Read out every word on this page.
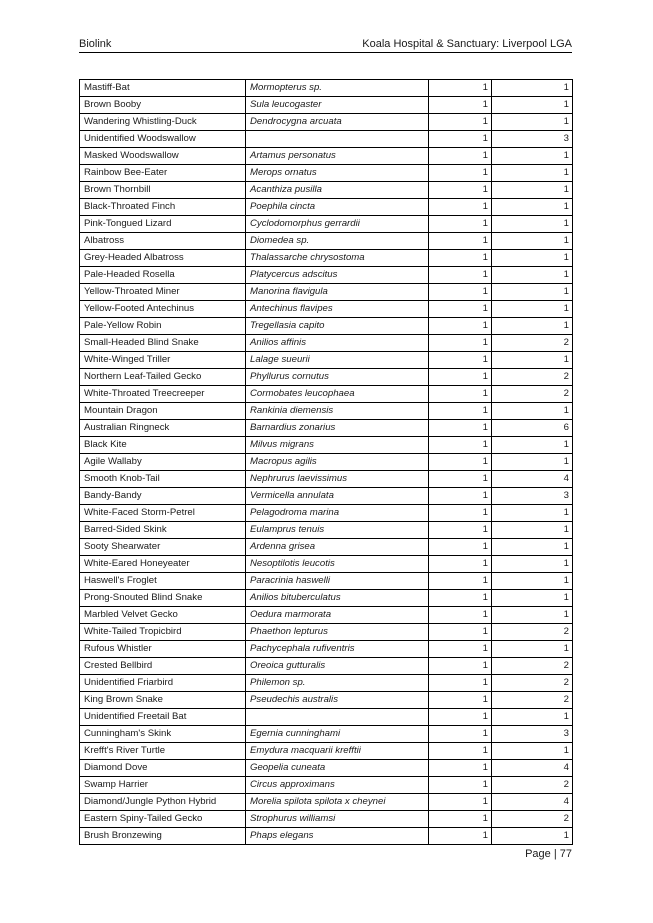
Biolink	Koala Hospital & Sanctuary: Liverpool LGA
Mastiff-Bat	Mormopterus sp.	1	1
Brown Booby	Sula leucogaster	1	1
Wandering Whistling-Duck	Dendrocygna arcuata	1	1
Unidentified Woodswallow		1	3
Masked Woodswallow	Artamus personatus	1	1
Rainbow Bee-Eater	Merops ornatus	1	1
Brown Thornbill	Acanthiza pusilla	1	1
Black-Throated Finch	Poephila cincta	1	1
Pink-Tongued Lizard	Cyclodomorphus gerrardii	1	1
Albatross	Diomedea sp.	1	1
Grey-Headed Albatross	Thalassarche chrysostoma	1	1
Pale-Headed Rosella	Platycercus adscitus	1	1
Yellow-Throated Miner	Manorina flavigula	1	1
Yellow-Footed Antechinus	Antechinus flavipes	1	1
Pale-Yellow Robin	Tregellasia capito	1	1
Small-Headed Blind Snake	Anilios affinis	1	2
White-Winged Triller	Lalage sueurii	1	1
Northern Leaf-Tailed Gecko	Phyllurus cornutus	1	2
White-Throated Treecreeper	Cormobates leucophaea	1	2
Mountain Dragon	Rankinia diemensis	1	1
Australian Ringneck	Barnardius zonarius	1	6
Black Kite	Milvus migrans	1	1
Agile Wallaby	Macropus agilis	1	1
Smooth Knob-Tail	Nephrurus laevissimus	1	4
Bandy-Bandy	Vermicella annulata	1	3
White-Faced Storm-Petrel	Pelagodroma marina	1	1
Barred-Sided Skink	Eulamprus tenuis	1	1
Sooty Shearwater	Ardenna grisea	1	1
White-Eared Honeyeater	Nesoptilotis leucotis	1	1
Haswell's Froglet	Paracrinia haswelli	1	1
Prong-Snouted Blind Snake	Anilios bituberculatus	1	1
Marbled Velvet Gecko	Oedura marmorata	1	1
White-Tailed Tropicbird	Phaethon lepturus	1	2
Rufous Whistler	Pachycephala rufiventris	1	1
Crested Bellbird	Oreoica gutturalis	1	2
Unidentified Friarbird	Philemon sp.	1	2
King Brown Snake	Pseudechis australis	1	2
Unidentified Freetail Bat		1	1
Cunningham's Skink	Egernia cunninghami	1	3
Krefft's River Turtle	Emydura macquarii krefftii	1	1
Diamond Dove	Geopelia cuneata	1	4
Swamp Harrier	Circus approximans	1	2
Diamond/Jungle Python Hybrid	Morelia spilota spilota x cheynei	1	4
Eastern Spiny-Tailed Gecko	Strophurus williamsi	1	2
Brush Bronzewing	Phaps elegans	1	1
Page | 77
